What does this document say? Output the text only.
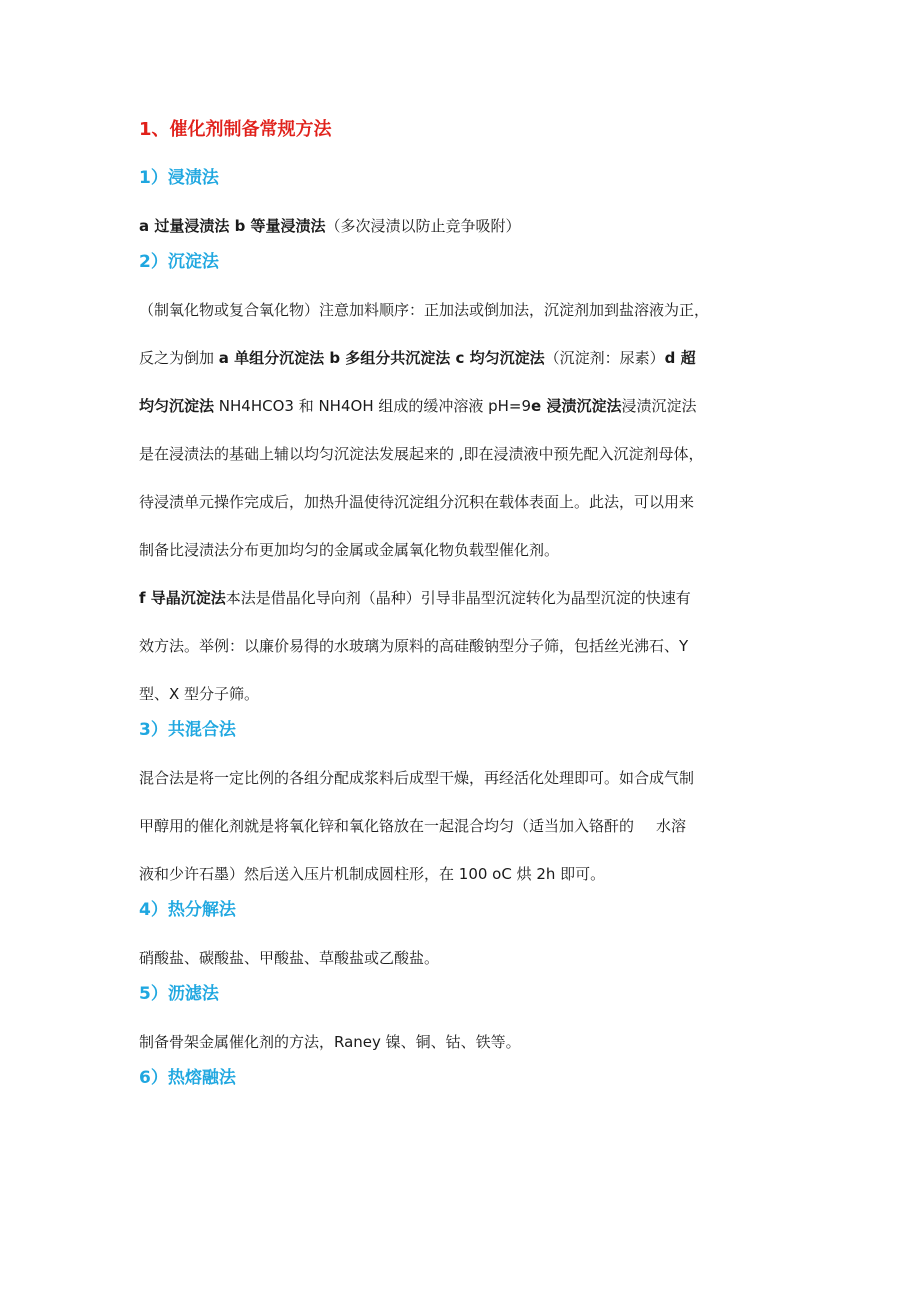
1、催化剂制备常规方法
1）浸渍法
a 过量浸渍法 b 等量浸渍法（多次浸渍以防止竞争吸附）
2）沉淀法
（制氧化物或复合氧化物）注意加料顺序：正加法或倒加法，沉淀剂加到盐溶液为正，
反之为倒加 a 单组分沉淀法 b 多组分共沉淀法 c 均匀沉淀法（沉淀剂：尿素）d 超
均匀沉淀法 NH4HCO3 和 NH4OH 组成的缓冲溶液 pH=9e 浸渍沉淀法浸渍沉淀法
是在浸渍法的基础上辅以均匀沉淀法发展起来的 ,即在浸渍液中预先配入沉淀剂母体，
待浸渍单元操作完成后，加热升温使待沉淀组分沉积在载体表面上。此法，可以用来
制备比浸渍法分布更加均匀的金属或金属氧化物负载型催化剂。
f 导晶沉淀法本法是借晶化导向剂（晶种）引导非晶型沉淀转化为晶型沉淀的快速有
效方法。举例：以廉价易得的水玻璃为原料的高硅酸钠型分子筛，包括丝光沸石、Y
型、X 型分子筛。
3）共混合法
混合法是将一定比例的各组分配成浆料后成型干燥，再经活化处理即可。如合成气制
甲醇用的催化剂就是将氧化锌和氧化铬放在一起混合均匀（适当加入铬酐的 水溶
液和少许石墨）然后送入压片机制成圆柱形，在 100 oC 烘 2h 即可。
4）热分解法
硝酸盐、碳酸盐、甲酸盐、草酸盐或乙酸盐。
5）沥滤法
制备骨架金属催化剂的方法，Raney 镍、铜、钴、铁等。
6）热熔融法
